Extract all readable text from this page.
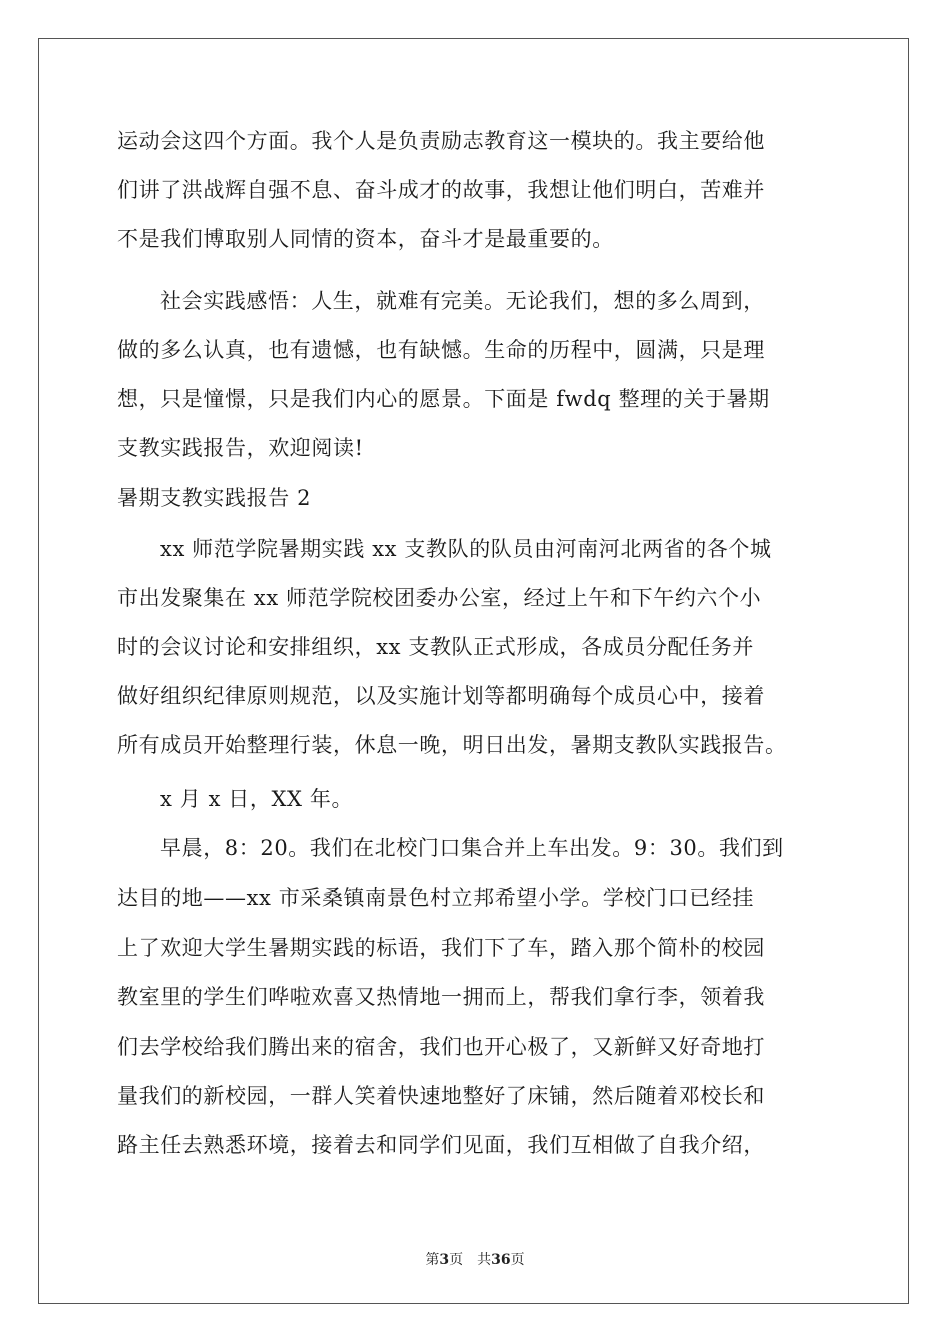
运动会这四个方面。我个人是负责励志教育这一模块的。我主要给他
们讲了洪战辉自强不息、奋斗成才的故事，我想让他们明白，苦难并
不是我们博取别人同情的资本，奋斗才是最重要的。
社会实践感悟：人生，就难有完美。无论我们，想的多么周到，
做的多么认真，也有遗憾，也有缺憾。生命的历程中，圆满，只是理
想，只是憧憬，只是我们内心的愿景。下面是 fwdq 整理的关于暑期
支教实践报告，欢迎阅读!
暑期支教实践报告 2
xx 师范学院暑期实践 xx 支教队的队员由河南河北两省的各个城
市出发聚集在 xx 师范学院校团委办公室，经过上午和下午约六个小
时的会议讨论和安排组织，xx 支教队正式形成，各成员分配任务并
做好组织纪律原则规范，以及实施计划等都明确每个成员心中，接着
所有成员开始整理行装，休息一晚，明日出发，暑期支教队实践报告。
x 月 x 日，XX 年。
早晨，8：20。我们在北校门口集合并上车出发。9：30。我们到
达目的地——xx 市采桑镇南景色村立邦希望小学。学校门口已经挂
上了欢迎大学生暑期实践的标语，我们下了车，踏入那个简朴的校园
教室里的学生们哗啦欢喜又热情地一拥而上，帮我们拿行李，领着我
们去学校给我们腾出来的宿舍，我们也开心极了，又新鲜又好奇地打
量我们的新校园，一群人笑着快速地整好了床铺，然后随着邓校长和
路主任去熟悉环境，接着去和同学们见面，我们互相做了自我介绍，
第3页　共36页
